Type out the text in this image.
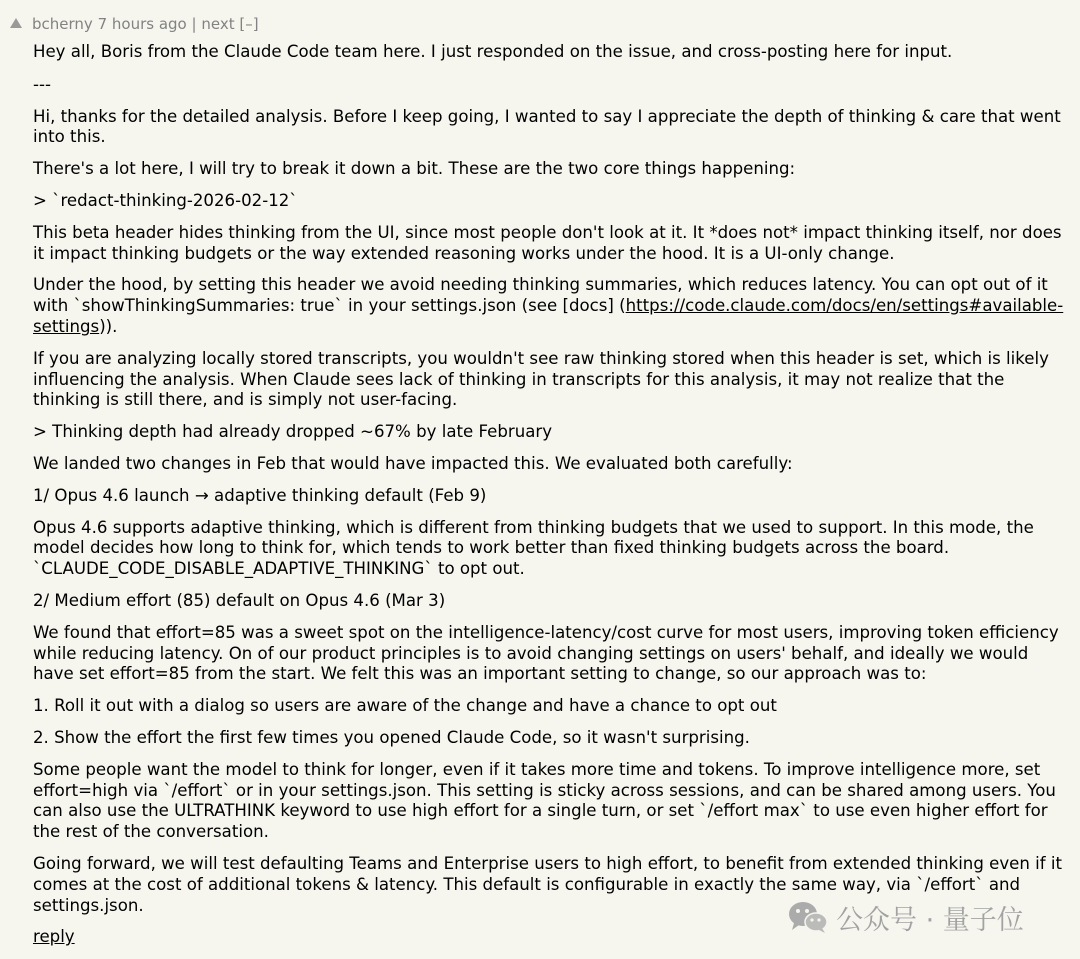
bcherny 7 hours ago | next [–]

Hey all, Boris from the Claude Code team here. I just responded on the issue, and cross-posting here for input.

---

Hi, thanks for the detailed analysis. Before I keep going, I wanted to say I appreciate the depth of thinking & care that went into this.

There's a lot here, I will try to break it down a bit. These are the two core things happening:

> `redact-thinking-2026-02-12`

This beta header hides thinking from the UI, since most people don't look at it. It *does not* impact thinking itself, nor does it impact thinking budgets or the way extended reasoning works under the hood. It is a UI-only change.

Under the hood, by setting this header we avoid needing thinking summaries, which reduces latency. You can opt out of it with `showThinkingSummaries: true` in your settings.json (see [docs] (https://code.claude.com/docs/en/settings#available-settings)).

If you are analyzing locally stored transcripts, you wouldn't see raw thinking stored when this header is set, which is likely influencing the analysis. When Claude sees lack of thinking in transcripts for this analysis, it may not realize that the thinking is still there, and is simply not user-facing.

> Thinking depth had already dropped ~67% by late February

We landed two changes in Feb that would have impacted this. We evaluated both carefully:

1/ Opus 4.6 launch → adaptive thinking default (Feb 9)

Opus 4.6 supports adaptive thinking, which is different from thinking budgets that we used to support. In this mode, the model decides how long to think for, which tends to work better than fixed thinking budgets across the board. `CLAUDE_CODE_DISABLE_ADAPTIVE_THINKING` to opt out.

2/ Medium effort (85) default on Opus 4.6 (Mar 3)

We found that effort=85 was a sweet spot on the intelligence-latency/cost curve for most users, improving token efficiency while reducing latency. On of our product principles is to avoid changing settings on users' behalf, and ideally we would have set effort=85 from the start. We felt this was an important setting to change, so our approach was to:

1. Roll it out with a dialog so users are aware of the change and have a chance to opt out

2. Show the effort the first few times you opened Claude Code, so it wasn't surprising.

Some people want the model to think for longer, even if it takes more time and tokens. To improve intelligence more, set effort=high via `/effort` or in your settings.json. This setting is sticky across sessions, and can be shared among users. You can also use the ULTRATHINK keyword to use high effort for a single turn, or set `/effort max` to use even higher effort for the rest of the conversation.

Going forward, we will test defaulting Teams and Enterprise users to high effort, to benefit from extended thinking even if it comes at the cost of additional tokens & latency. This default is configurable in exactly the same way, via `/effort` and settings.json.

reply
公众号 · 量子位
